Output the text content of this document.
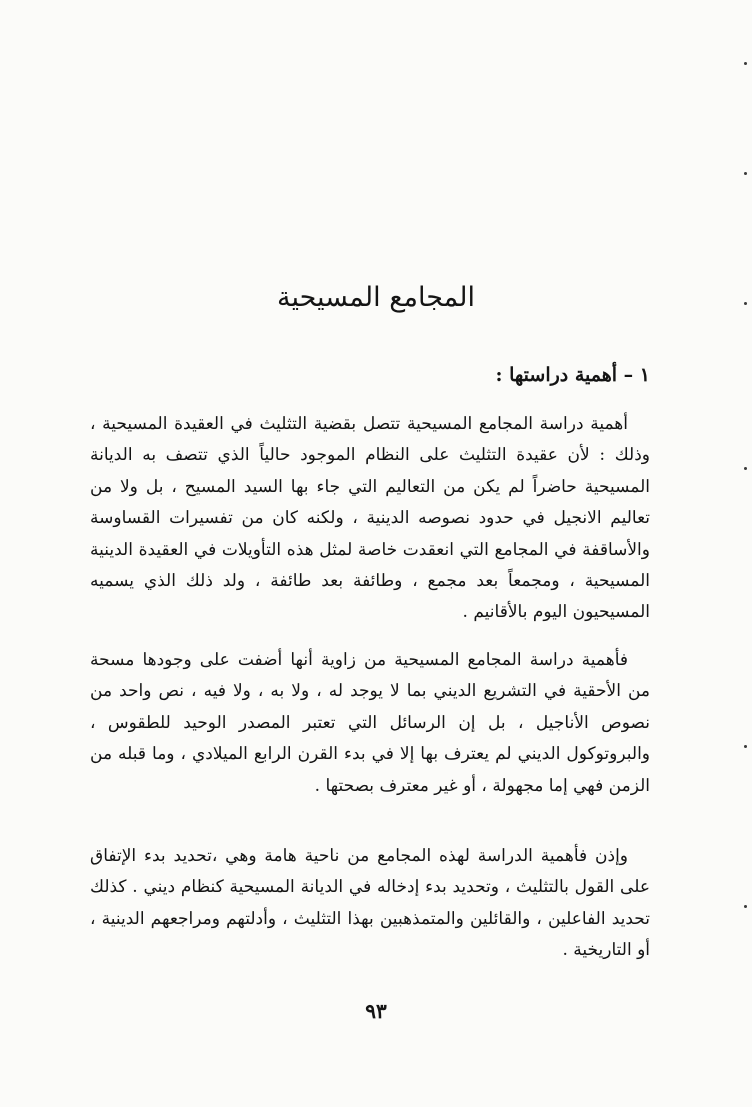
المجامع المسيحية
١ – أهمية دراستها :

أهمية دراسة المجامع المسيحية تتصل بقضية التثليث في العقيدة المسيحية ، وذلك : لأن عقيدة التثليث على النظام الموجود حالياً الذي تتصف به الديانة المسيحية حاضراً لم يكن من التعاليم التي جاء بها السيد المسيح ، بل ولا من تعاليم الانجيل في حدود نصوصه الدينية ، ولكنه كان من تفسيرات القساوسة والأساقفة في المجامع التي انعقدت خاصة لمثل هذه التأويلات في العقيدة الدينية المسيحية ، ومجمعاً بعد مجمع ، وطائفة بعد طائفة ، ولد ذلك الذي يسميه المسيحيون اليوم بالأقانيم .

فأهمية دراسة المجامع المسيحية من زاوية أنها أضفت على وجودها مسحة من الأحقية في التشريع الديني بما لا يوجد له ، ولا به ، ولا فيه ، نص واحد من نصوص الأناجيل ، بل إن الرسائل التي تعتبر المصدر الوحيد للطقوس ، والبروتوكول الديني لم يعترف بها إلا في بدء القرن الرابع الميلادي ، وما قبله من الزمن فهي إما مجهولة ، أو غير معترف بصحتها .

وإذن فأهمية الدراسة لهذه المجامع من ناحية هامة وهي ،تحديد بدء الإتفاق على القول بالتثليث ، وتحديد بدء إدخاله في الديانة المسيحية كنظام ديني . كذلك تحديد الفاعلين ، والقائلين والمتمذهبين بهذا التثليث ، وأدلتهم ومراجعهم الدينية ، أو التاريخية .

٩٣
